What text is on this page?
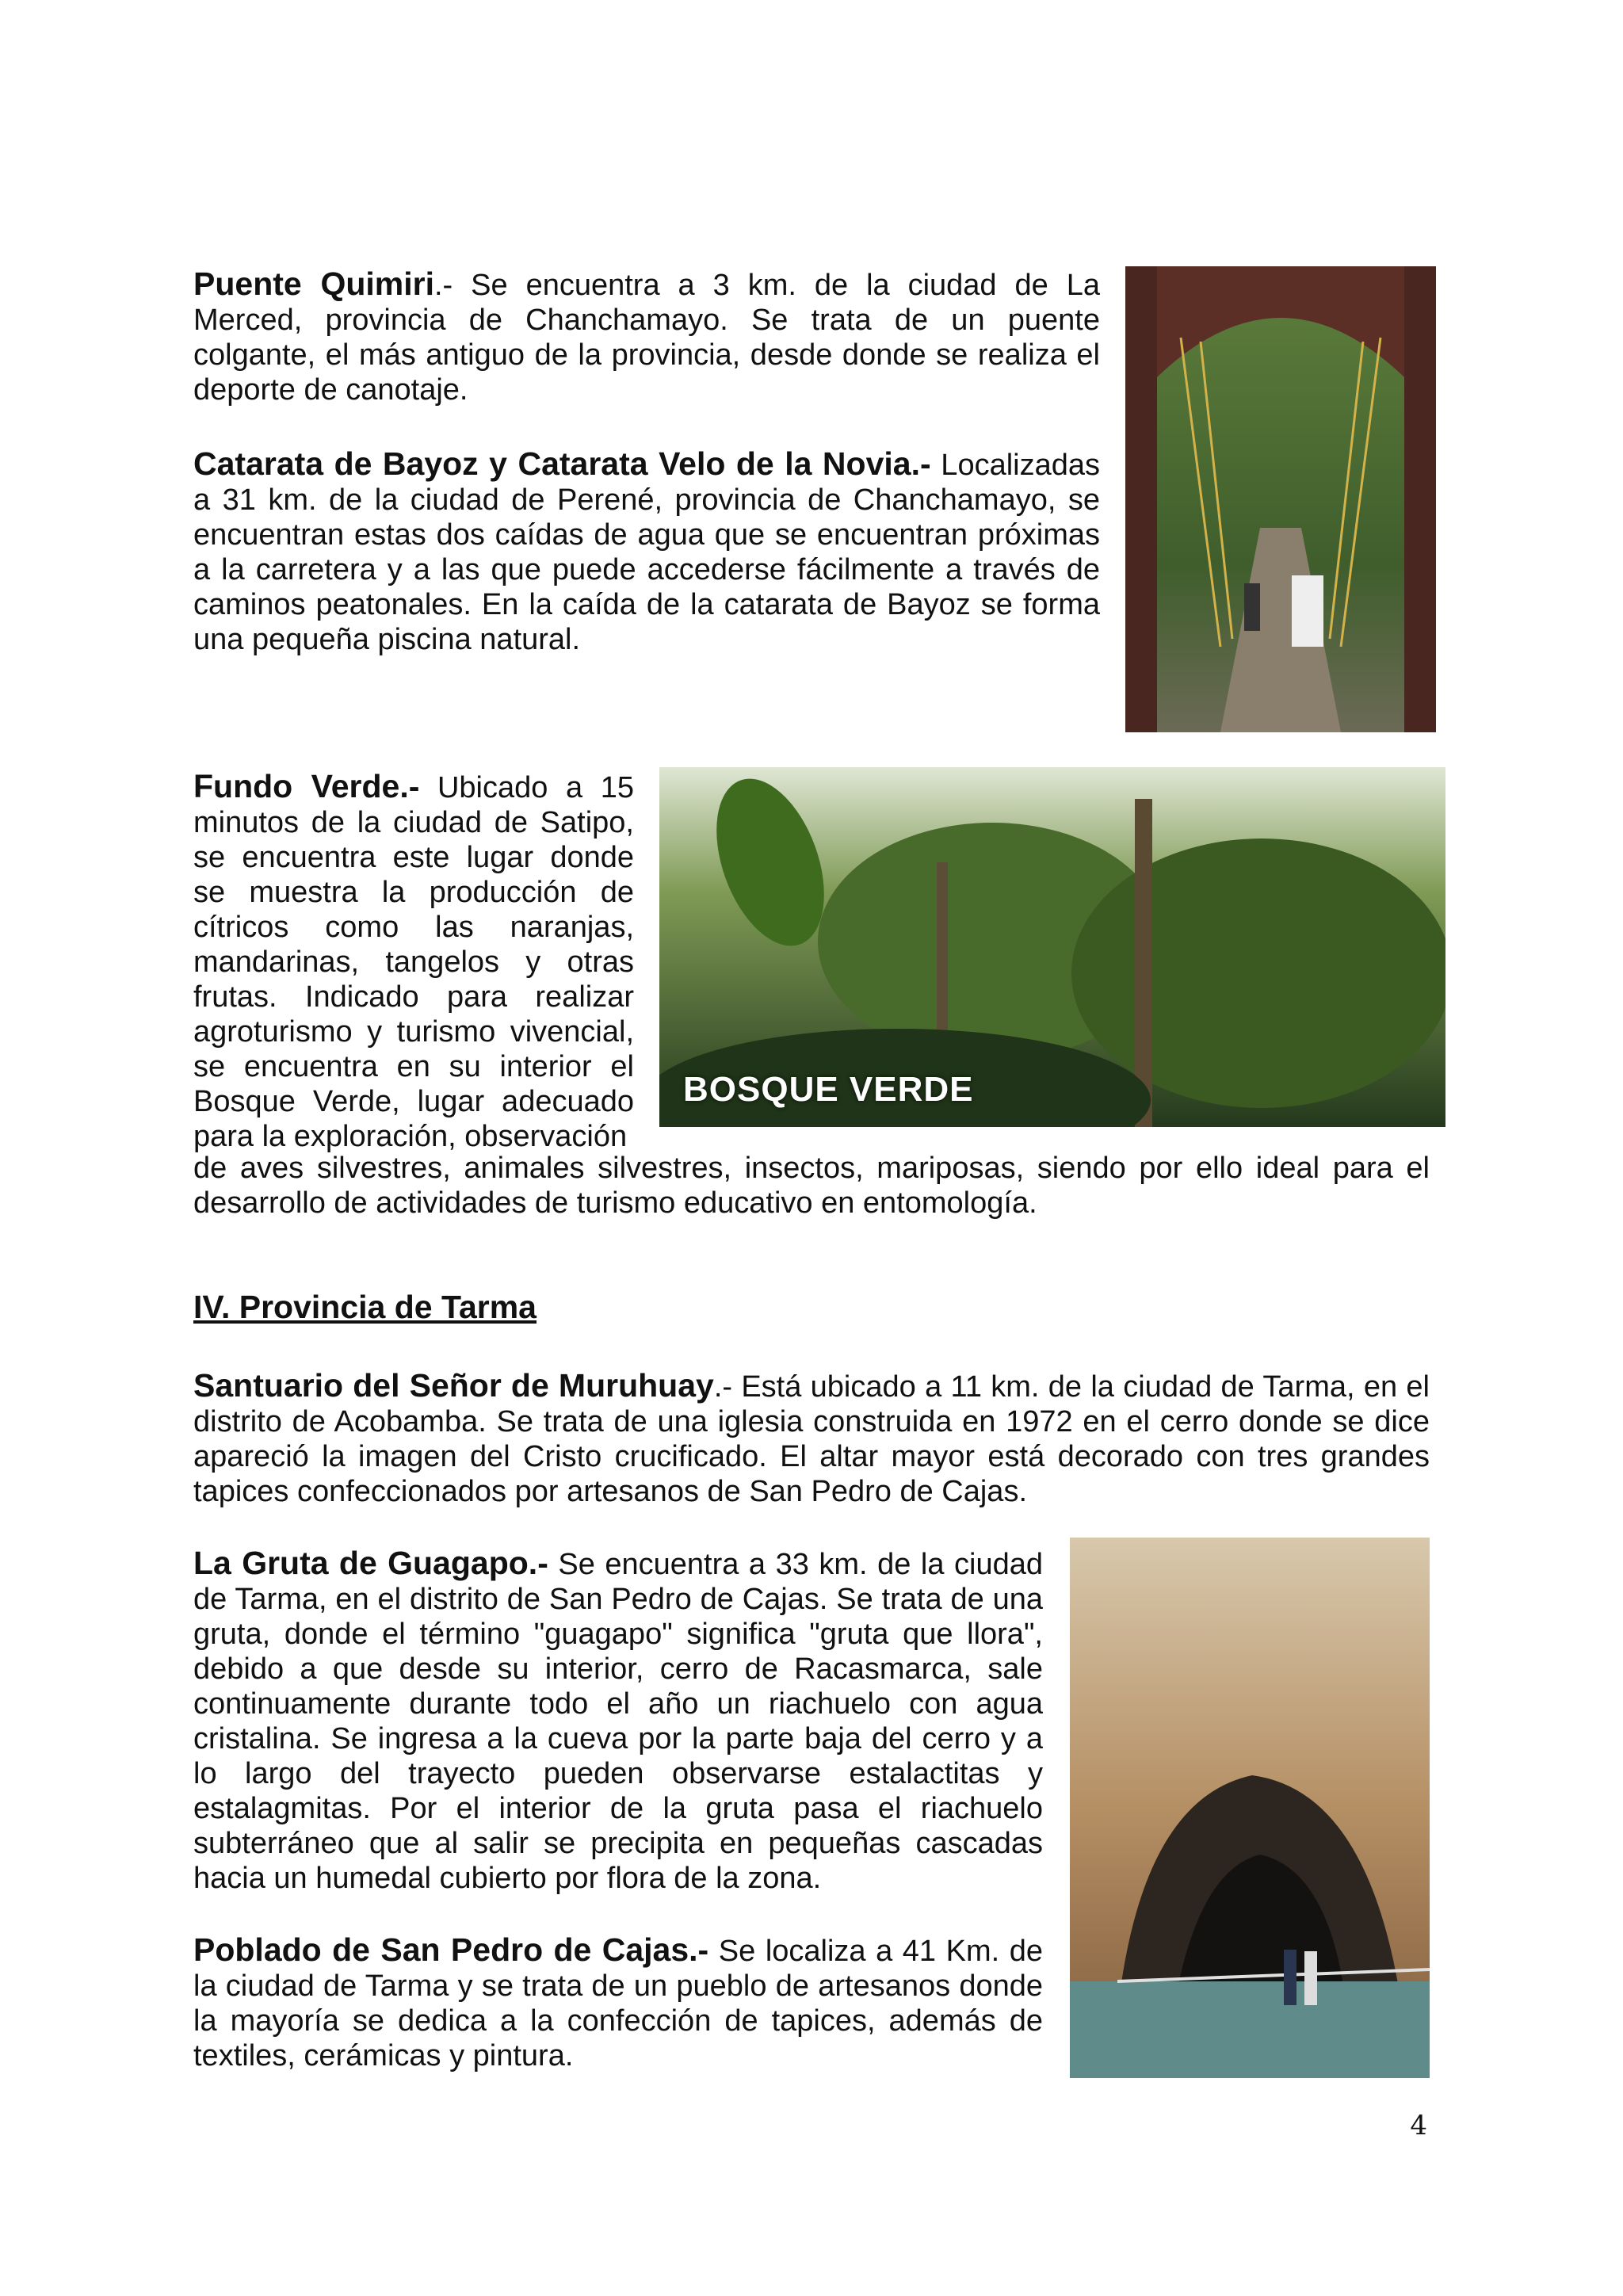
Puente Quimiri.- Se encuentra a 3 km. de la ciudad de La Merced, provincia de Chanchamayo. Se trata de un puente colgante, el más antiguo de la provincia, desde donde se realiza el deporte de canotaje.
Catarata de Bayoz y Catarata Velo de la Novia.- Localizadas a 31 km. de la ciudad de Perené, provincia de Chanchamayo, se encuentran estas dos caídas de agua que se encuentran próximas a la carretera y a las que puede accederse fácilmente a través de caminos peatonales. En la caída de la catarata de Bayoz se forma una pequeña piscina natural.
BOSQUE VERDE
Fundo Verde.- Ubicado a 15 minutos de la ciudad de Satipo, se encuentra este lugar donde se muestra la producción de cítricos como las naranjas, mandarinas, tangelos y otras frutas. Indicado para realizar agroturismo y turismo vivencial, se encuentra en su interior el Bosque Verde, lugar adecuado para la exploración, observación
de aves silvestres, animales silvestres, insectos, mariposas, siendo por ello ideal para el desarrollo de actividades de turismo educativo en entomología.
IV. Provincia de Tarma
Santuario del Señor de Muruhuay.- Está ubicado a 11 km. de la ciudad de Tarma, en el distrito de Acobamba. Se trata de una iglesia construida en 1972 en el cerro donde se dice apareció la imagen del Cristo crucificado. El altar mayor está decorado con tres grandes tapices confeccionados por artesanos de San Pedro de Cajas.
La Gruta de Guagapo.- Se encuentra a 33 km. de la ciudad de Tarma, en el distrito de San Pedro de Cajas. Se trata de una gruta, donde el término "guagapo" significa "gruta que llora", debido a que desde su interior, cerro de Racasmarca, sale continuamente durante todo el año un riachuelo con agua cristalina. Se ingresa a la cueva por la parte baja del cerro y a lo largo del trayecto pueden observarse estalactitas y estalagmitas. Por el interior de la gruta pasa el riachuelo subterráneo que al salir se precipita en pequeñas cascadas hacia un humedal cubierto por flora de la zona.
Poblado de San Pedro de Cajas.- Se localiza a 41 Km. de la ciudad de Tarma y se trata de un pueblo de artesanos donde la mayoría se dedica a la confección de tapices, además de textiles, cerámicas y pintura.
4
